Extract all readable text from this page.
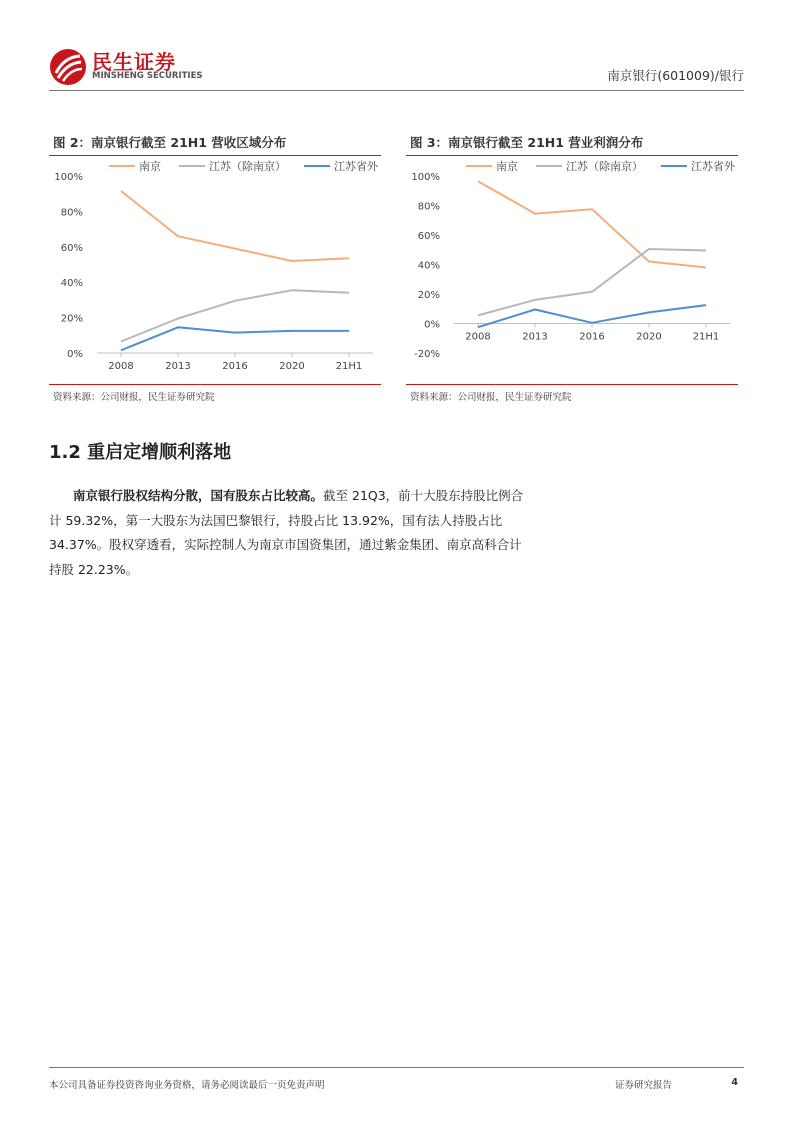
民生证券
MINSHENG SECURITIES	南京银行(601009)/银行
图 2：南京银行截至 21H1 营收区域分布
南京	江苏（除南京）	江苏省外
0%
20%
40%
60%
80%
100%
2008	2013	2016	2020	21H1
资料来源：公司财报，民生证券研究院
图 3：南京银行截至 21H1 营业利润分布
南京	江苏（除南京）	江苏省外
-20%
0%
20%
40%
60%
80%
100%
2008	2013	2016	2020	21H1
资料来源：公司财报，民生证券研究院
1.2 重启定增顺利落地
南京银行股权结构分散，国有股东占比较高。截至 21Q3，前十大股东持股比例合计 59.32%，第一大股东为法国巴黎银行，持股占比 13.92%，国有法人持股占比 34.37%。股权穿透看，实际控制人为南京市国资集团，通过紫金集团、南京高科合计持股 22.23%。
本公司具备证券投资咨询业务资格，请务必阅读最后一页免责声明	证券研究报告	4
